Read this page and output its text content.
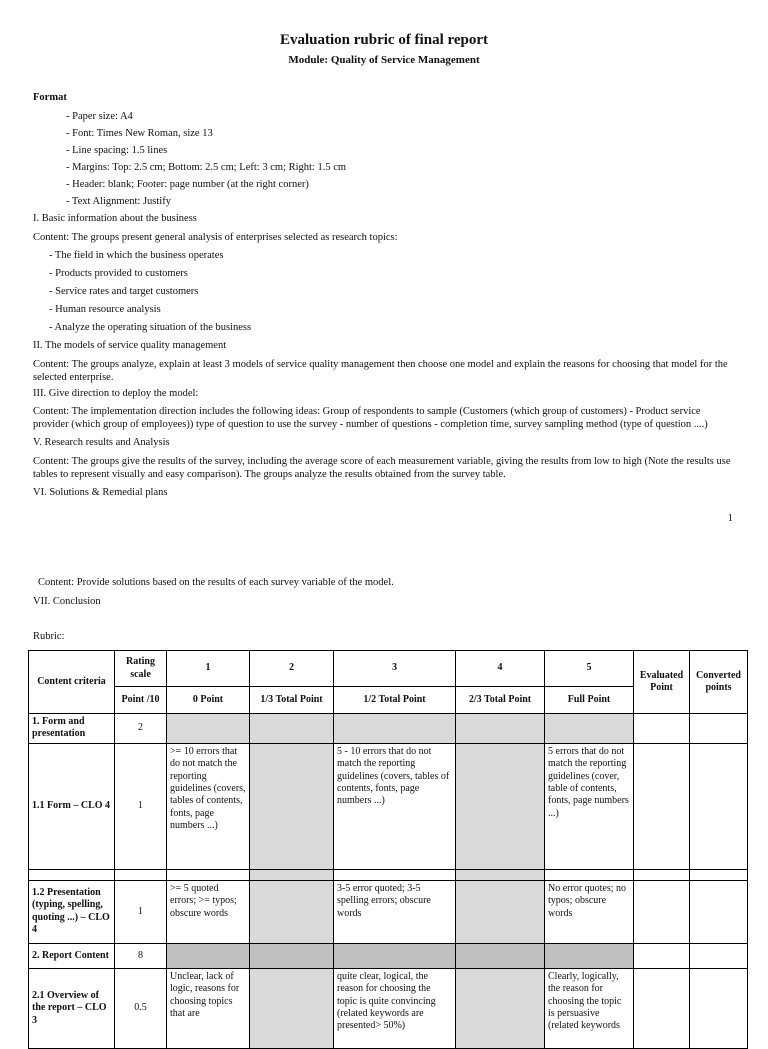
Evaluation rubric of final report
Module: Quality of Service Management
Format
- Paper size: A4
- Font: Times New Roman, size 13
- Line spacing: 1.5 lines
- Margins: Top: 2.5 cm; Bottom: 2.5 cm; Left: 3 cm; Right: 1.5 cm
- Header: blank; Footer: page number (at the right corner)
- Text Alignment: Justify
I. Basic information about the business
Content: The groups present general analysis of enterprises selected as research topics:
- The field in which the business operates
- Products provided to customers
- Service rates and target customers
- Human resource analysis
- Analyze the operating situation of the business
II. The models of service quality management
Content: The groups analyze, explain at least 3 models of service quality management then choose one model and explain the reasons for choosing that model for the selected enterprise.
III. Give direction to deploy the model:
Content: The implementation direction includes the following ideas: Group of respondents to sample (Customers (which group of customers) - Product service provider (which group of employees)) type of question to use the survey - number of questions - completion time, survey sampling method (type of question ....)
V. Research results and Analysis
Content: The groups give the results of the survey, including the average score of each measurement variable, giving the results from low to high (Note the results use tables to represent visually and easy comparison). The groups analyze the results obtained from the survey table.
VI. Solutions & Remedial plans
1
Content: Provide solutions based on the results of each survey variable of the model.
VII. Conclusion
Rubric:
Content criteria	Rating scale	1	2	3	4	5	Evaluated Point	Converted points
	Point /10	0 Point	1/3 Total Point	1/2 Total Point	2/3 Total Point	Full Point		
1. Form and presentation	2							
1.1 Form – CLO 4	1	>= 10 errors that do not match the reporting guidelines (covers, tables of contents, fonts, page numbers ...)		5 - 10 errors that do not match the reporting guidelines (covers, tables of contents, fonts, page numbers ...)		5 errors that do not match the reporting guidelines (cover, table of contents, fonts, page numbers ...)		

1.2 Presentation (typing, spelling, quoting ...) – CLO 4	1	>= 5 quoted errors; >= typos; obscure words		3-5 error quoted; 3-5 spelling errors; obscure words		No error quotes; no typos; obscure words		
2. Report Content	8							
2.1 Overview of the report – CLO 3	0.5	Unclear, lack of logic, reasons for choosing topics that are		quite clear, logical, the reason for choosing the topic is quite convincing (related keywords are presented> 50%)		Clearly, logically, the reason for choosing the topic is persuasive (related keywords		
